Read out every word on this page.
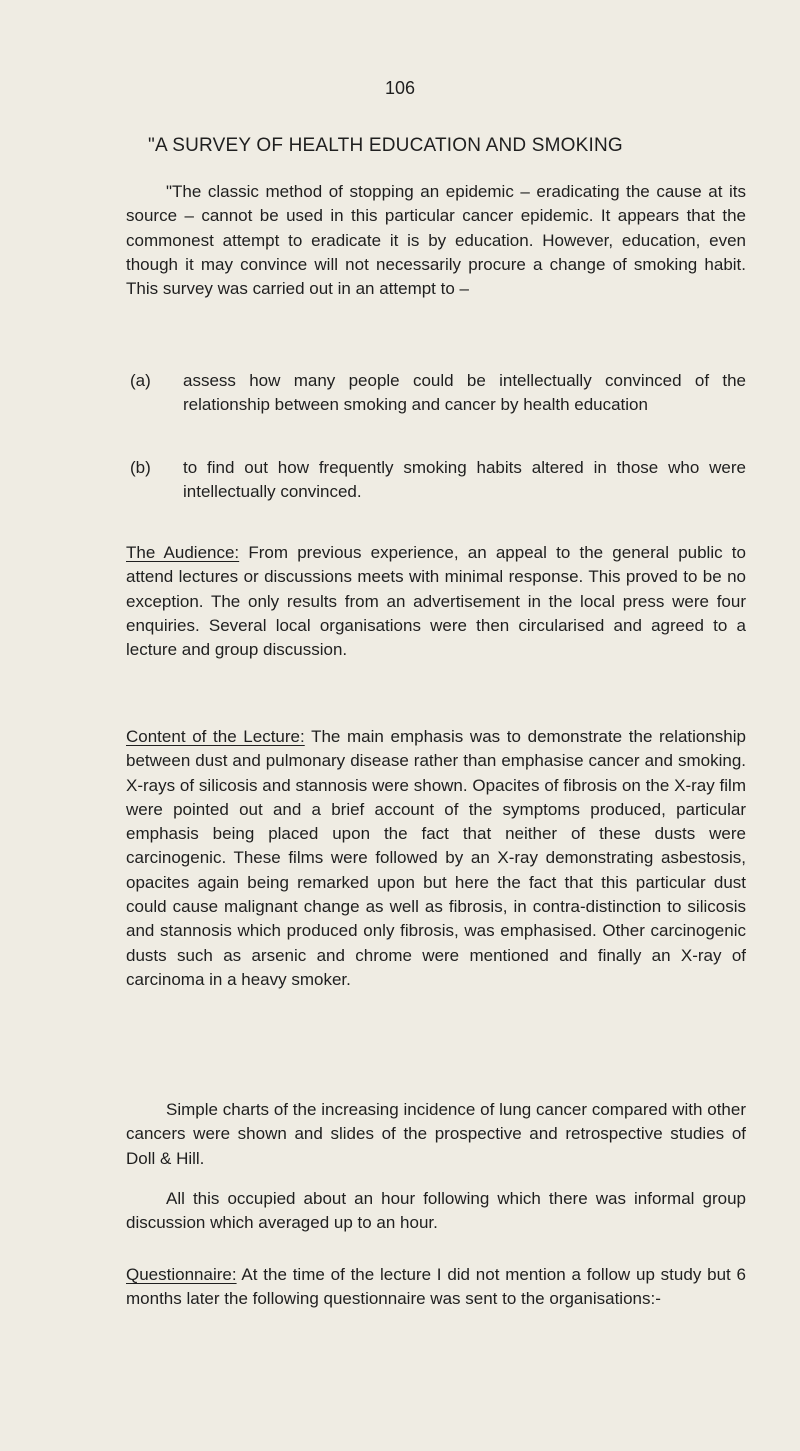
106
"A SURVEY OF HEALTH EDUCATION AND SMOKING

"The classic method of stopping an epidemic – eradicating the cause at its source – cannot be used in this particular cancer epidemic. It appears that the commonest attempt to eradicate it is by education. However, education, even though it may convince will not necessarily procure a change of smoking habit. This survey was carried out in an attempt to –

(a)	assess how many people could be intellectually convinced of the relationship between smoking and cancer by health education
(b)	to find out how frequently smoking habits altered in those who were intellectually convinced.

The Audience: From previous experience, an appeal to the general public to attend lectures or discussions meets with minimal response. This proved to be no exception. The only results from an advertisement in the local press were four enquiries. Several local organisations were then circularised and agreed to a lecture and group discussion.

Content of the Lecture: The main emphasis was to demonstrate the relationship between dust and pulmonary disease rather than emphasise cancer and smoking. X-rays of silicosis and stannosis were shown. Opacites of fibrosis on the X-ray film were pointed out and a brief account of the symptoms produced, particular emphasis being placed upon the fact that neither of these dusts were carcinogenic. These films were followed by an X-ray demonstrating asbestosis, opacites again being remarked upon but here the fact that this particular dust could cause malignant change as well as fibrosis, in contra-distinction to silicosis and stannosis which produced only fibrosis, was emphasised. Other carcinogenic dusts such as arsenic and chrome were mentioned and finally an X-ray of carcinoma in a heavy smoker.

Simple charts of the increasing incidence of lung cancer compared with other cancers were shown and slides of the prospective and retrospective studies of Doll & Hill.

All this occupied about an hour following which there was informal group discussion which averaged up to an hour.

Questionnaire: At the time of the lecture I did not mention a follow up study but 6 months later the following questionnaire was sent to the organisations:-
